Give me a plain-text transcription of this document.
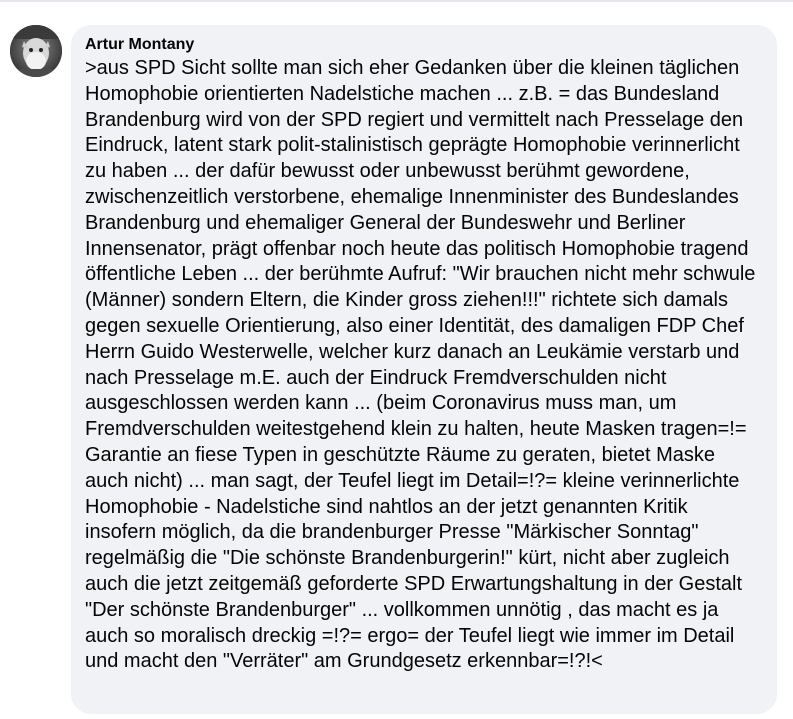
Artur Montany
>aus SPD Sicht sollte man sich eher Gedanken über die kleinen täglichen Homophobie orientierten Nadelstiche machen ... z.B. = das Bundesland Brandenburg wird von der SPD regiert und vermittelt nach Presselage den Eindruck, latent stark polit-stalinistisch geprägte Homophobie verinnerlicht zu haben ... der dafür bewusst oder unbewusst berühmt gewordene, zwischenzeitlich verstorbene, ehemalige Innenminister des Bundeslandes Brandenburg und ehemaliger General der Bundeswehr und Berliner Innensenator, prägt offenbar noch heute das politisch Homophobie tragend öffentliche Leben ... der berühmte Aufruf: "Wir brauchen nicht mehr schwule (Männer) sondern Eltern, die Kinder gross ziehen!!!" richtete sich damals gegen sexuelle Orientierung, also einer Identität, des damaligen FDP Chef Herrn Guido Westerwelle, welcher kurz danach an Leukämie verstarb und nach Presselage m.E. auch der Eindruck Fremdverschulden nicht ausgeschlossen werden kann ... (beim Coronavirus muss man, um Fremdverschulden weitestgehend klein zu halten, heute Masken tragen=!= Garantie an fiese Typen in geschützte Räume zu geraten, bietet Maske auch nicht) ... man sagt, der Teufel liegt im Detail=!?= kleine verinnerlichte Homophobie - Nadelstiche sind nahtlos an der jetzt genannten Kritik insofern möglich, da die brandenburger Presse "Märkischer Sonntag" regelmäßig die "Die schönste Brandenburgerin!" kürt, nicht aber zugleich auch die jetzt zeitgemäß geforderte SPD Erwartungshaltung in der Gestalt "Der schönste Brandenburger" ... vollkommen unnötig , das macht es ja auch so moralisch dreckig =!?= ergo= der Teufel liegt wie immer im Detail und macht den "Verräter" am Grundgesetz erkennbar=!?!<
